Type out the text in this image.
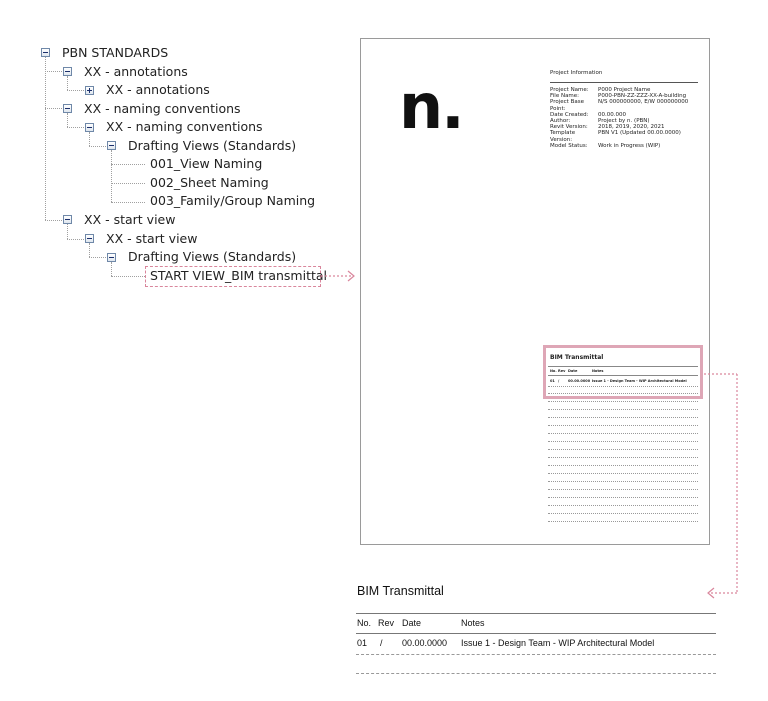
PBN STANDARDS
XX - annotations
XX - annotations
XX - naming conventions
XX - naming conventions
Drafting Views (Standards)
001_View Naming
002_Sheet Naming
003_Family/Group Naming
XX - start view
XX - start view
Drafting Views (Standards)
START VIEW_BIM transmittal
n.	Project Information
Project Name:	P000 Project Name
File Name:	P000-PBN-ZZ-ZZZ-XX-A-building
Project Base Point:
N/S 000000000, E/W 000000000
Date Created:	00.00.000
Author:	Project by n. (PBN)
Revit Version:	2018, 2019, 2020, 2021
Template Version:
PBN V1 (Updated 00.00.0000)
Model Status:	Work in Progress (WIP)
BIM Transmittal
No. Rev Date	Notes
01 /	00.00.0000 Issue 1 - Design Team - WIP Architectural Model
BIM Transmittal
No. Rev Date	Notes
01 / 00.00.0000 Issue 1 - Design Team - WIP Architectural Model
